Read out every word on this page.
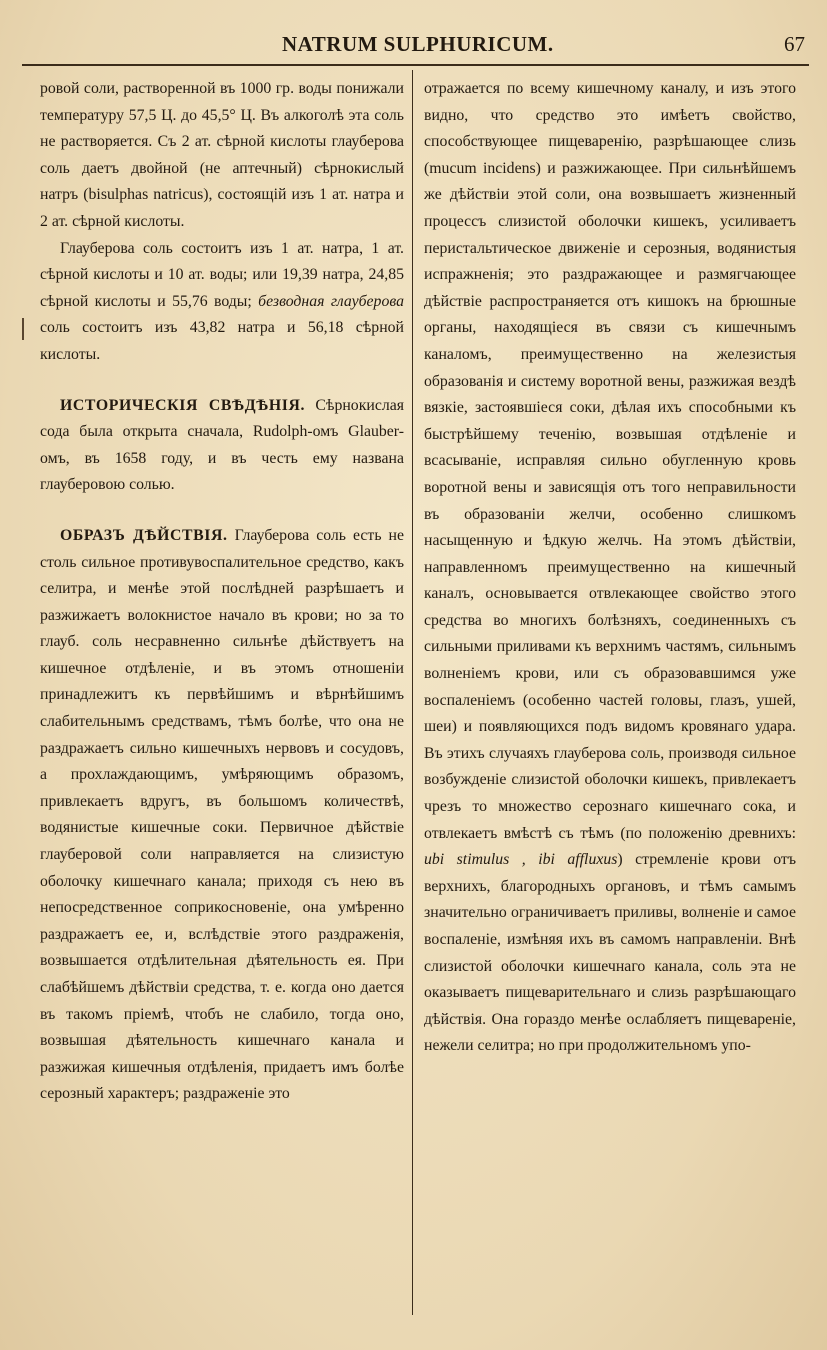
NATRUM SULPHURICUM.	67

ровой соли, растворенной въ 1000 гр. воды понижали температуру 57,5 Ц. до 45,5° Ц. Въ алкоголѣ эта соль не растворяется. Съ 2 ат. сѣрной кислоты глауберова соль даетъ двойной (не аптечный) сѣрнокислый натръ (bisulphas natricus), состоящій изъ 1 ат. натра и 2 ат. сѣрной кислоты.

Глауберова соль состоитъ изъ 1 ат. натра, 1 ат. сѣрной кислоты и 10 ат. воды; или 19,39 натра, 24,85 сѣрной кислоты и 55,76 воды; безводная глауберова соль состоитъ изъ 43,82 натра и 56,18 сѣрной кислоты.

ИСТОРИЧЕСКІЯ СВѢДѢНІЯ. Сѣрнокислая сода была открыта сначала, Rudolph-омъ Glauber-омъ, въ 1658 году, и въ честь ему названа глауберовою солью.

ОБРАЗЪ ДѢЙСТВІЯ. Глауберова соль есть не столь сильное противувоспалительное средство, какъ селитра, и менѣе этой послѣдней разрѣшаетъ и разжижаетъ волокнистое начало въ крови; но за то глауб. соль несравненно сильнѣе дѣйствуетъ на кишечное отдѣленіе, и въ этомъ отношеніи принадлежитъ къ первѣйшимъ и вѣрнѣйшимъ слабительнымъ средствамъ, тѣмъ болѣе, что она не раздражаетъ сильно кишечныхъ нервовъ и сосудовъ, а прохлаждающимъ, умѣряющимъ образомъ, привлекаетъ вдругъ, въ большомъ количествѣ, водянистые кишечные соки. Первичное дѣйствіе глауберовой соли направляется на слизистую оболочку кишечнаго канала; приходя съ нею въ непосредственное соприкосновеніе, она умѣренно раздражаетъ ее, и, вслѣдствіе этого раздраженія, возвышается отдѣлительная дѣятельность ея. При слабѣйшемъ дѣйствіи средства, т. е. когда оно дается въ такомъ пріемѣ, чтобъ не слабило, тогда оно, возвышая дѣятельность кишечнаго канала и разжижая кишечныя отдѣленія, придаетъ имъ болѣе серозный характеръ; раздраженіе это

отражается по всему кишечному каналу, и изъ этого видно, что средство это имѣетъ свойство, способствующее пищеваренію, разрѣшающее слизь (mucum incidens) и разжижающее. При сильнѣйшемъ же дѣйствіи этой соли, она возвышаетъ жизненный процессъ слизистой оболочки кишекъ, усиливаетъ перистальтическое движеніе и серозныя, водянистыя испражненія; это раздражающее и размягчающее дѣйствіе распространяется отъ кишокъ на брюшные органы, находящіеся въ связи съ кишечнымъ каналомъ, преимущественно на железистыя образованія и систему воротной вены, разжижая вездѣ вязкіе, застоявшіеся соки, дѣлая ихъ способными къ быстрѣйшему теченію, возвышая отдѣленіе и всасываніе, исправляя сильно обугленную кровь воротной вены и зависящія отъ того неправильности въ образованіи желчи, особенно слишкомъ насыщенную и ѣдкую желчь. На этомъ дѣйствіи, направленномъ преимущественно на кишечный каналъ, основывается отвлекающее свойство этого средства во многихъ болѣзняхъ, соединенныхъ съ сильными приливами къ верхнимъ частямъ, сильнымъ волненіемъ крови, или съ образовавшимся уже воспаленіемъ (особенно частей головы, глазъ, ушей, шеи) и появляющихся подъ видомъ кровянаго удара. Въ этихъ случаяхъ глауберова соль, производя сильное возбужденіе слизистой оболочки кишекъ, привлекаетъ чрезъ то множество сeрознаго кишечнаго сока, и отвлекаетъ вмѣстѣ съ тѣмъ (по положенію древнихъ: ubi stimulus , ibi affluxus) стремленіе крови отъ верхнихъ, благородныхъ органовъ, и тѣмъ самымъ значительно ограничиваетъ приливы, волненіе и самое воспаленіе, измѣняя ихъ въ самомъ направленіи. Внѣ слизистой оболочки кишечнаго канала, соль эта не оказываетъ пищеварительнаго и слизь разрѣшающаго дѣйствія. Она гораздо менѣе ослабляетъ пищевареніе, нежели селитра; но при продолжительномъ упо-
